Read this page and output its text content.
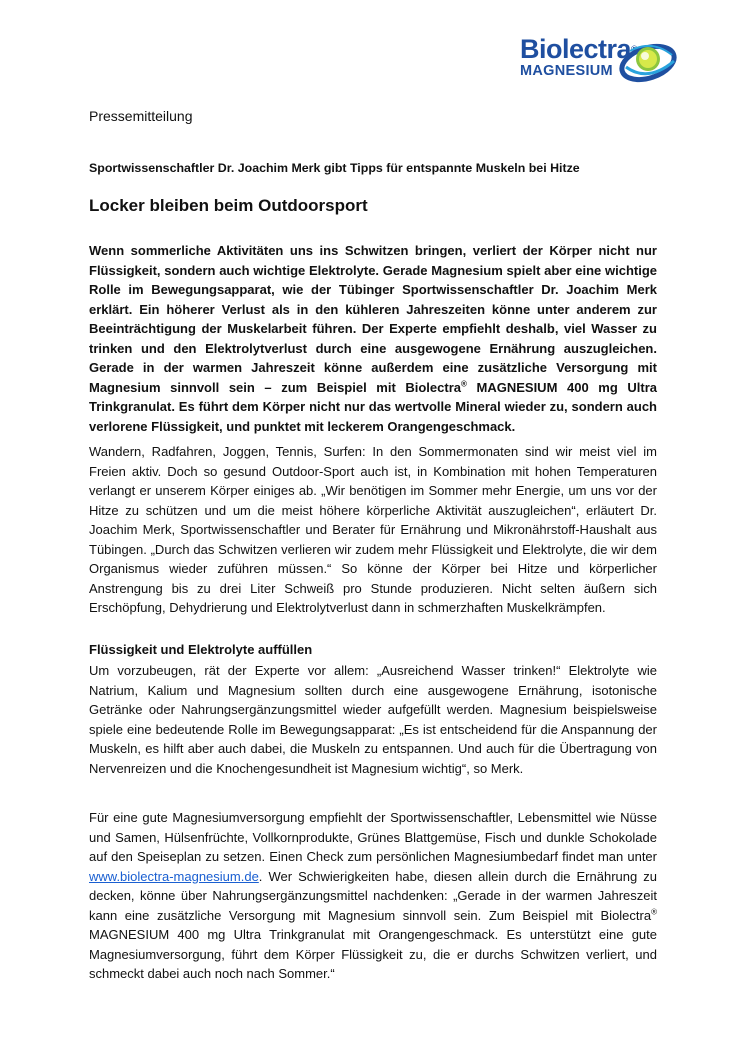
Biolectra®
MAGNESIUM
Pressemitteilung
Sportwissenschaftler Dr. Joachim Merk gibt Tipps für entspannte Muskeln bei Hitze
Locker bleiben beim Outdoorsport
Wenn sommerliche Aktivitäten uns ins Schwitzen bringen, verliert der Körper nicht nur Flüssigkeit, sondern auch wichtige Elektrolyte. Gerade Magnesium spielt aber eine wichtige Rolle im Bewegungsapparat, wie der Tübinger Sportwissenschaftler Dr. Joachim Merk erklärt. Ein höherer Verlust als in den kühleren Jahreszeiten könne unter anderem zur Beeinträchtigung der Muskelarbeit führen. Der Experte empfiehlt deshalb, viel Wasser zu trinken und den Elektrolytverlust durch eine ausgewogene Ernährung auszugleichen. Gerade in der warmen Jahreszeit könne außerdem eine zusätzliche Versorgung mit Magnesium sinnvoll sein – zum Beispiel mit Biolectra® MAGNESIUM 400 mg Ultra Trinkgranulat. Es führt dem Körper nicht nur das wertvolle Mineral wieder zu, sondern auch verlorene Flüssigkeit, und punktet mit leckerem Orangengeschmack.

Wandern, Radfahren, Joggen, Tennis, Surfen: In den Sommermonaten sind wir meist viel im Freien aktiv. Doch so gesund Outdoor-Sport auch ist, in Kombination mit hohen Temperaturen verlangt er unserem Körper einiges ab. „Wir benötigen im Sommer mehr Energie, um uns vor der Hitze zu schützen und um die meist höhere körperliche Aktivität auszugleichen“, erläutert Dr. Joachim Merk, Sportwissenschaftler und Berater für Ernährung und Mikronährstoff-Haushalt aus Tübingen. „Durch das Schwitzen verlieren wir zudem mehr Flüssigkeit und Elektrolyte, die wir dem Organismus wieder zuführen müssen.“ So könne der Körper bei Hitze und körperlicher Anstrengung bis zu drei Liter Schweiß pro Stunde produzieren. Nicht selten äußern sich Erschöpfung, Dehydrierung und Elektrolytverlust dann in schmerzhaften Muskelkrämpfen.

Flüssigkeit und Elektrolyte auffüllen

Um vorzubeugen, rät der Experte vor allem: „Ausreichend Wasser trinken!“ Elektrolyte wie Natrium, Kalium und Magnesium sollten durch eine ausgewogene Ernährung, isotonische Getränke oder Nahrungsergänzungsmittel wieder aufgefüllt werden. Magnesium beispielsweise spiele eine bedeutende Rolle im Bewegungsapparat: „Es ist entscheidend für die Anspannung der Muskeln, es hilft aber auch dabei, die Muskeln zu entspannen. Und auch für die Übertragung von Nervenreizen und die Knochengesundheit ist Magnesium wichtig“, so Merk.

Für eine gute Magnesiumversorgung empfiehlt der Sportwissenschaftler, Lebensmittel wie Nüsse und Samen, Hülsenfrüchte, Vollkornprodukte, Grünes Blattgemüse, Fisch und dunkle Schokolade auf den Speiseplan zu setzen. Einen Check zum persönlichen Magnesiumbedarf findet man unter www.biolectra-magnesium.de. Wer Schwierigkeiten habe, diesen allein durch die Ernährung zu decken, könne über Nahrungsergänzungsmittel nachdenken: „Gerade in der warmen Jahreszeit kann eine zusätzliche Versorgung mit Magnesium sinnvoll sein. Zum Beispiel mit Biolectra® MAGNESIUM 400 mg Ultra Trinkgranulat mit Orangengeschmack. Es unterstützt eine gute Magnesiumversorgung, führt dem Körper Flüssigkeit zu, die er durchs Schwitzen verliert, und schmeckt dabei auch noch nach Sommer.“
